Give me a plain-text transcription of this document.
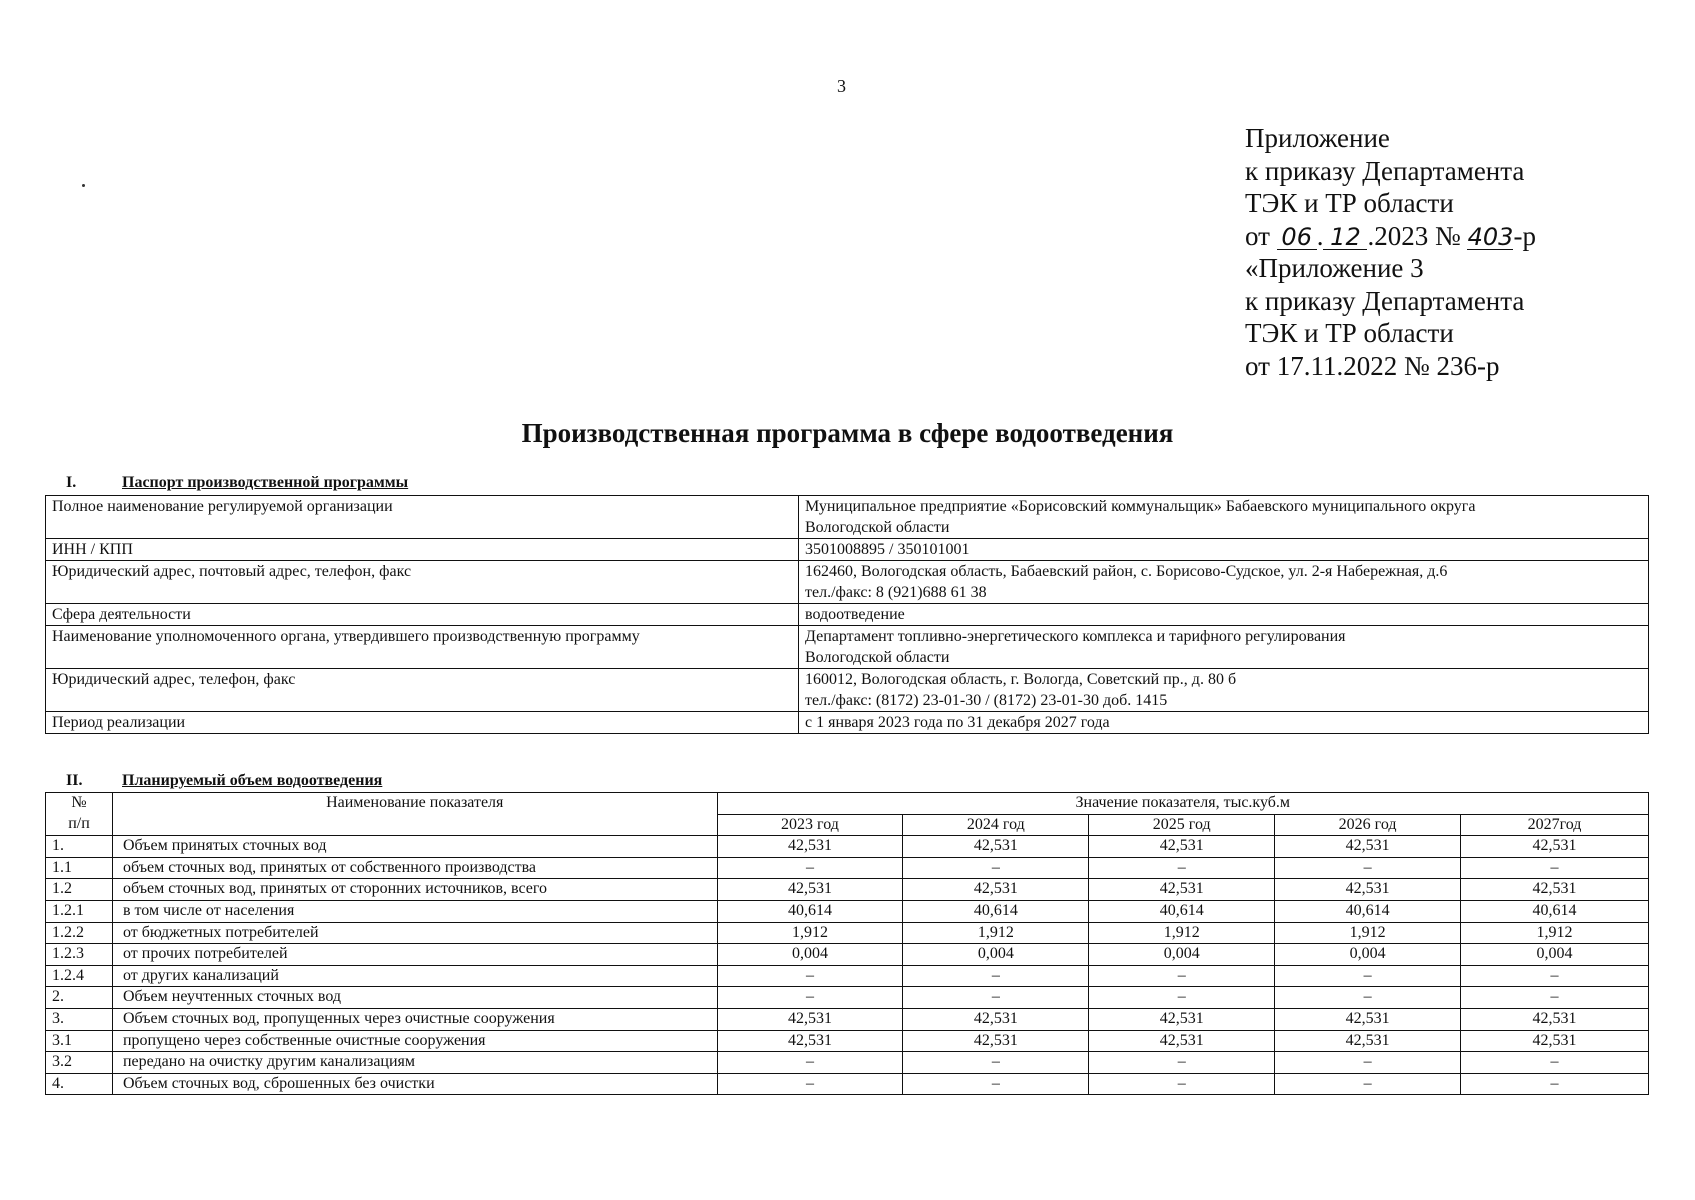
3
Приложение
к приказу Департамента
ТЭК и ТР области
от 06 . 12 .2023 № 403-р
«Приложение 3
к приказу Департамента
ТЭК и ТР области
от 17.11.2022 № 236-р
Производственная программа в сфере водоотведения
I.	Паспорт производственной программы
Полное наименование регулируемой организации	Муниципальное предприятие «Борисовский коммунальщик» Бабаевского муниципального округа
Вологодской области

ИНН / КПП	3501008895 / 350101001

Юридический адрес, почтовый адрес, телефон, факс	162460, Вологодская область, Бабаевский район, с. Борисово-Судское, ул. 2-я Набережная, д.6
тел./факс: 8 (921)688 61 38

Сфера деятельности	водоотведение

Наименование уполномоченного органа, утвердившего производственную программу	Департамент топливно-энергетического комплекса и тарифного регулирования
Вологодской области

Юридический адрес, телефон, факс	160012, Вологодская область, г. Вологда, Советский пр., д. 80 б
тел./факс: (8172) 23-01-30 / (8172) 23-01-30 доб. 1415

Период реализации	с 1 января 2023 года по 31 декабря 2027 года
II. Планируемый объем водоотведения
№
п/п	Наименование показателя	Значение показателя, тыс.куб.м				
		2023 год	2024 год	2025 год	2026 год	2027год
1.	Объем принятых сточных вод	42,531	42,531	42,531	42,531	42,531
1.1	объем сточных вод, принятых от собственного производства	–	–	–	–	–
1.2	объем сточных вод, принятых от сторонних источников, всего	42,531	42,531	42,531	42,531	42,531
1.2.1	в том числе от населения	40,614	40,614	40,614	40,614	40,614
1.2.2	от бюджетных потребителей	1,912	1,912	1,912	1,912	1,912
1.2.3	от прочих потребителей	0,004	0,004	0,004	0,004	0,004
1.2.4	от других канализаций	–	–	–	–	–
2.	Объем неучтенных сточных вод	–	–	–	–	–
3.	Объем сточных вод, пропущенных через очистные сооружения	42,531	42,531	42,531	42,531	42,531
3.1	пропущено через собственные очистные сооружения	42,531	42,531	42,531	42,531	42,531
3.2	передано на очистку другим канализациям	–	–	–	–	–
4.	Объем сточных вод, сброшенных без очистки	–	–	–	–	–
